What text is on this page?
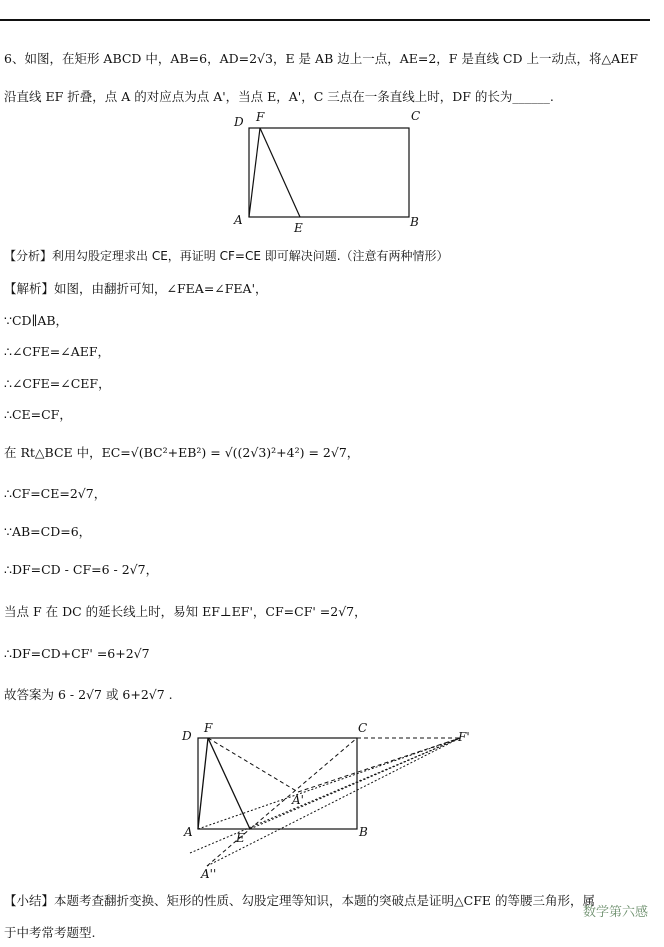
6、如图，在矩形 ABCD 中，AB=6，AD=2√3，E 是 AB 边上一点，AE=2，F 是直线 CD 上一动点，将△AEF
沿直线 EF 折叠，点 A 的对应点为点 A'，当点 E，A'，C 三点在一条直线上时，DF 的长为______.
D F	C
A
E	B
【分析】利用勾股定理求出 CE，再证明 CF=CE 即可解决问题.（注意有两种情形）
【解析】如图，由翻折可知，∠FEA=∠FEA'，
∵CD∥AB，
∴∠CFE=∠AEF，
∴∠CFE=∠CEF，
∴CE=CF，
在 Rt△BCE 中，EC=√(BC²+EB²) = √((2√3)²+4²) = 2√7，
∴CF=CE=2√7，
∵AB=CD=6，
∴DF=CD - CF=6 - 2√7，
当点 F 在 DC 的延长线上时，易知 EF⊥EF'，CF=CF' =2√7，
∴DF=CD+CF' =6+2√7
故答案为 6 - 2√7 或 6+2√7 .
D
F	C
F'
A'
A	E	B
A''
【小结】本题考查翻折变换、矩形的性质、勾股定理等知识，本题的突破点是证明△CFE 的等腰三角形，属
于中考常考题型.
数学第六感
